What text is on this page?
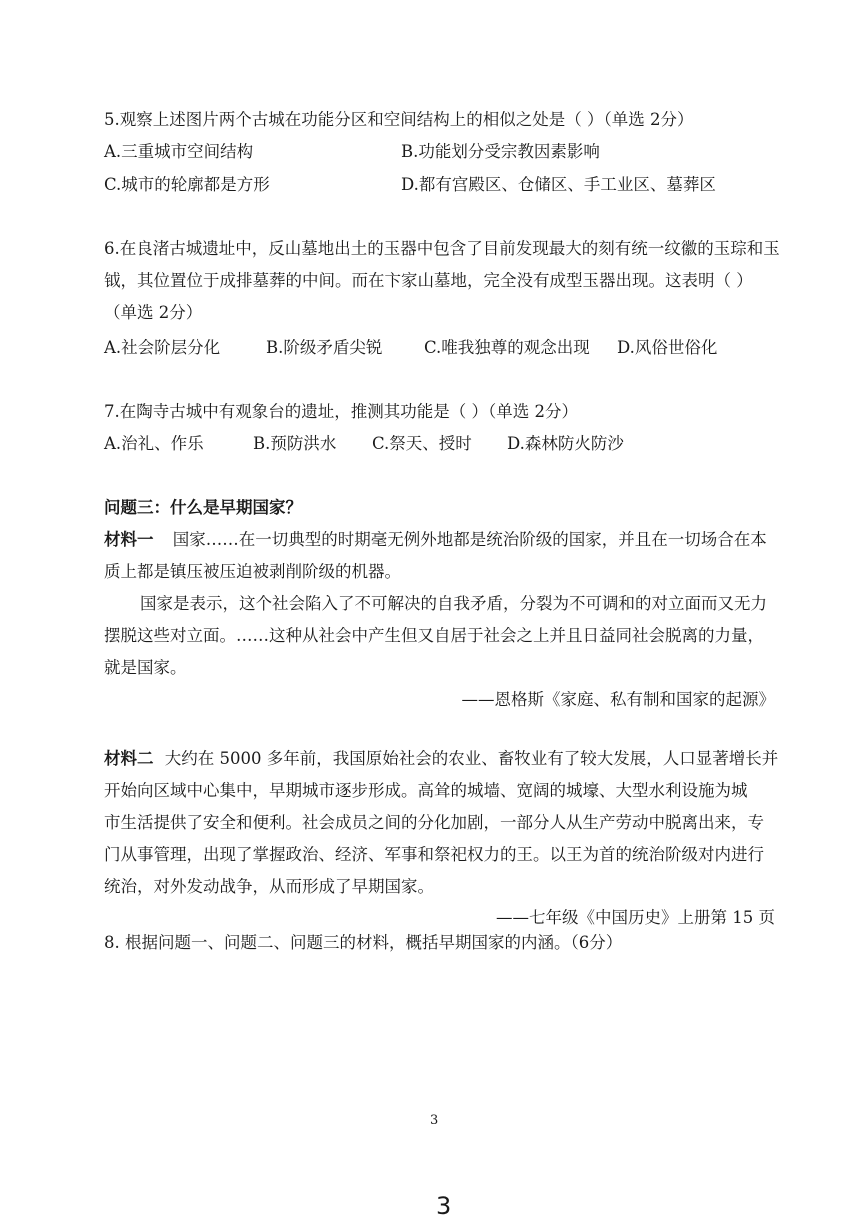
5.观察上述图片两个古城在功能分区和空间结构上的相似之处是（ ）（单选 2分）
A.三重城市空间结构	B.功能划分受宗教因素影响
C.城市的轮廓都是方形	D.都有宫殿区、仓储区、手工业区、墓葬区
6.在良渚古城遗址中，反山墓地出土的玉器中包含了目前发现最大的刻有统一纹徽的玉琮和玉
钺，其位置位于成排墓葬的中间。而在卞家山墓地，完全没有成型玉器出现。这表明（ ）
（单选 2分）
A.社会阶层分化	B.阶级矛盾尖锐	C.唯我独尊的观念出现 D.风俗世俗化
7.在陶寺古城中有观象台的遗址，推测其功能是（ ）（单选 2分）
A.治礼、作乐	B.预防洪水 C.祭天、授时 D.森林防火防沙
问题三：什么是早期国家？
材料一 国家……在一切典型的时期毫无例外地都是统治阶级的国家，并且在一切场合在本
质上都是镇压被压迫被剥削阶级的机器。
国家是表示，这个社会陷入了不可解决的自我矛盾，分裂为不可调和的对立面而又无力
摆脱这些对立面。……这种从社会中产生但又自居于社会之上并且日益同社会脱离的力量，
就是国家。
——恩格斯《家庭、私有制和国家的起源》
材料二 大约在 5000 多年前，我国原始社会的农业、畜牧业有了较大发展，人口显著增长并
开始向区域中心集中，早期城市逐步形成。高耸的城墙、宽阔的城壕、大型水利设施为城
市生活提供了安全和便利。社会成员之间的分化加剧，一部分人从生产劳动中脱离出来，专
门从事管理，出现了掌握政治、经济、军事和祭祀权力的王。以王为首的统治阶级对内进行
统治，对外发动战争，从而形成了早期国家。
——七年级《中国历史》上册第 15 页
8. 根据问题一、问题二、问题三的材料，概括早期国家的内涵。（6分）
3
3
